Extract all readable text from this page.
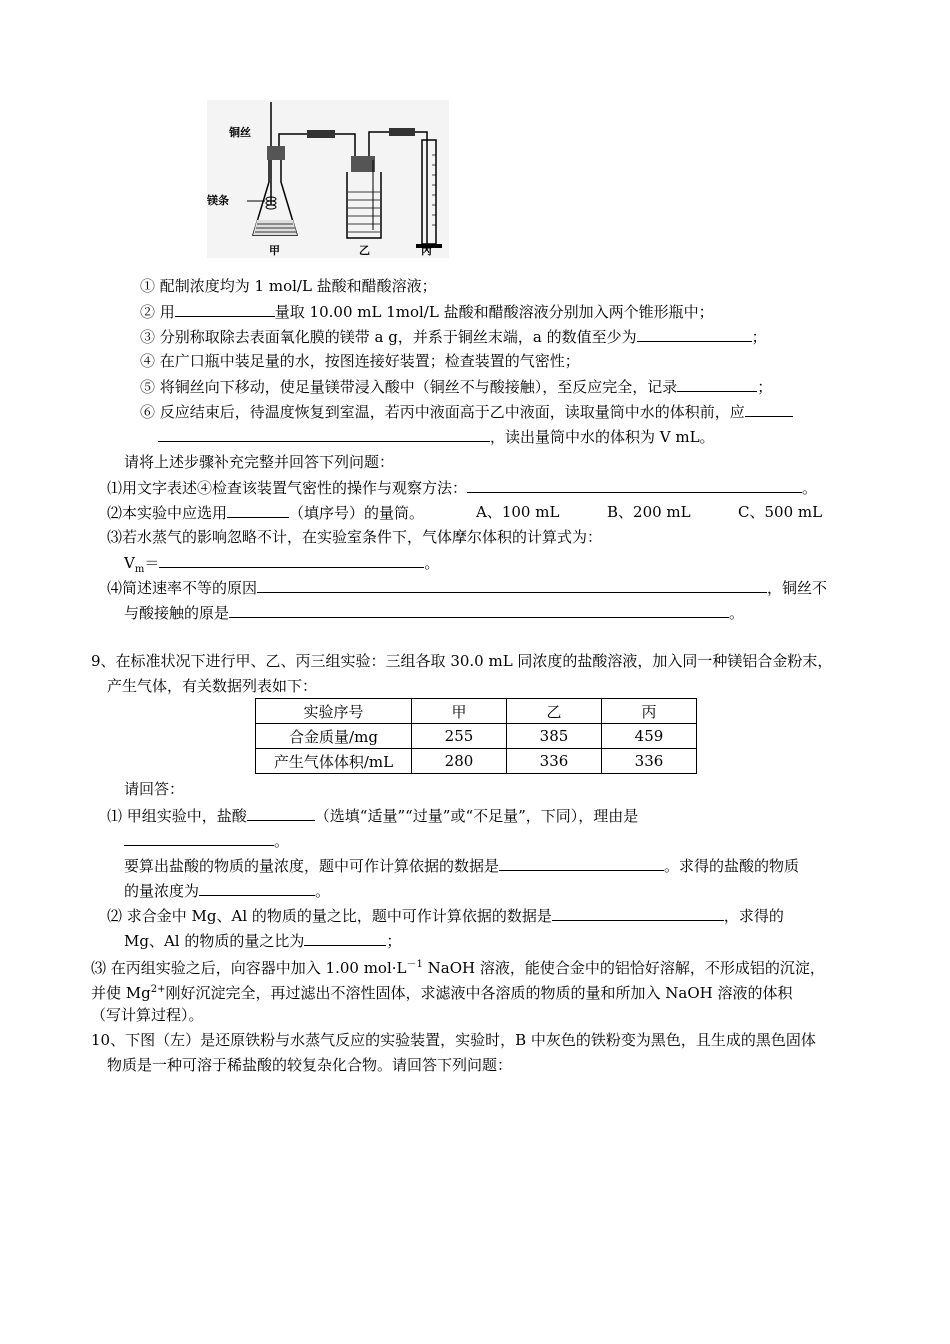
铜丝
镁条
甲	乙	丙
① 配制浓度均为 1 mol/L 盐酸和醋酸溶液；
② 用	量取 10.00 mL 1mol/L 盐酸和醋酸溶液分别加入两个锥形瓶中；
③ 分别称取除去表面氧化膜的镁带 a g，并系于铜丝末端，a 的数值至少为	；
④ 在广口瓶中装足量的水，按图连接好装置；检查装置的气密性；
⑤ 将铜丝向下移动，使足量镁带浸入酸中（铜丝不与酸接触），至反应完全，记录	；
⑥ 反应结束后，待温度恢复到室温，若丙中液面高于乙中液面，读取量筒中水的体积前，应
，读出量筒中水的体积为 V mL。
请将上述步骤补充完整并回答下列问题：
⑴用文字表述④检查该装置气密性的操作与观察方法：	。
⑵本实验中应选用	（填序号）的量筒。	A、100 mL	B、200 mL	C、500 mL
⑶若水蒸气的影响忽略不计，在实验室条件下，气体摩尔体积的计算式为：
$V_m=$	。
⑷简述速率不等的原因	，铜丝不
与酸接触的原是	。
9、在标准状况下进行甲、乙、丙三组实验：三组各取 30.0 mL 同浓度的盐酸溶液，加入同一种镁铝合金粉末，
产生气体，有关数据列表如下：
实验序号	甲	乙	丙
合金质量/mg	255	385	459
产生气体体积/mL	280	336	336
请回答：
⑴ 甲组实验中，盐酸	（选填“适量”“过量”或“不足量”，下同），理由是
。
要算出盐酸的物质的量浓度，题中可作计算依据的数据是	。求得的盐酸的物质
的量浓度为	。
⑵ 求合金中 Mg、Al 的物质的量之比，题中可作计算依据的数据是	，求得的
Mg、Al 的物质的量之比为	；
⑶ 在丙组实验之后，向容器中加入 1.00 $mol\cdot L^{-1}$ NaOH 溶液，能使合金中的铝恰好溶解，不形成铝的沉淀，
并使 $Mg^{2+}$刚好沉淀完全，再过滤出不溶性固体，求滤液中各溶质的物质的量和所加入 NaOH 溶液的体积
（写计算过程）。
10、下图（左）是还原铁粉与水蒸气反应的实验装置，实验时，B 中灰色的铁粉变为黑色，且生成的黑色固体
物质是一种可溶于稀盐酸的较复杂化合物。请回答下列问题：
